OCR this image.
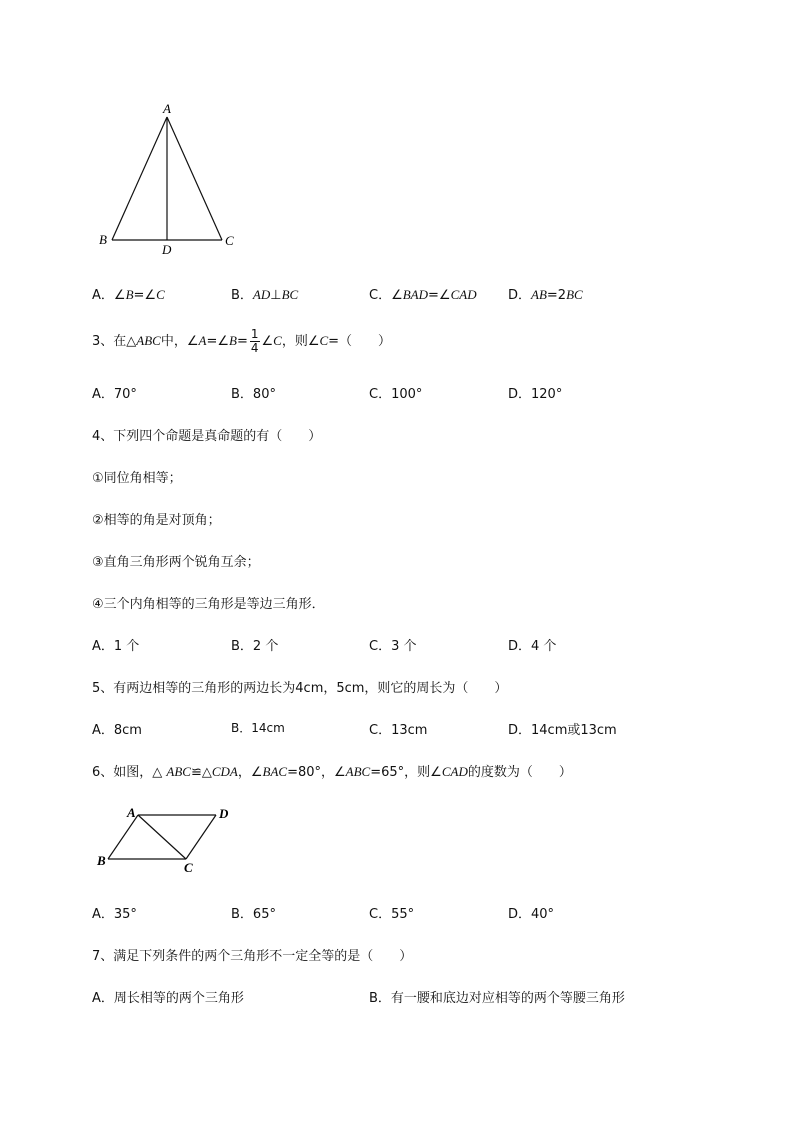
A
B	C
D
A．∠B=∠C	B．AD⊥BC	C．∠BAD=∠CAD D．AB=2BC
3、在△ABC中，∠A=∠B= $\frac{1}{4}$ ∠C，则∠C=（　　）
A．70°	B．80°	C．100°	D．120°
4、下列四个命题是真命题的有（　　）
①同位角相等；
②相等的角是对顶角；
③直角三角形两个锐角互余；
④三个内角相等的三角形是等边三角形．
A．1 个	B．2 个	C．3 个	D．4 个
5、有两边相等的三角形的两边长为4cm，5cm，则它的周长为（　　）
A．8cm	B．14cm	C．13cm	D．14cm或13cm
6、如图，△ ABC≌△CDA，∠BAC=80°，∠ABC=65°，则∠CAD的度数为（　　）
A	D
B	C
A．35°	B．65°	C．55°	D．40°
7、满足下列条件的两个三角形不一定全等的是（　　）
A．周长相等的两个三角形	B．有一腰和底边对应相等的两个等腰三角形
